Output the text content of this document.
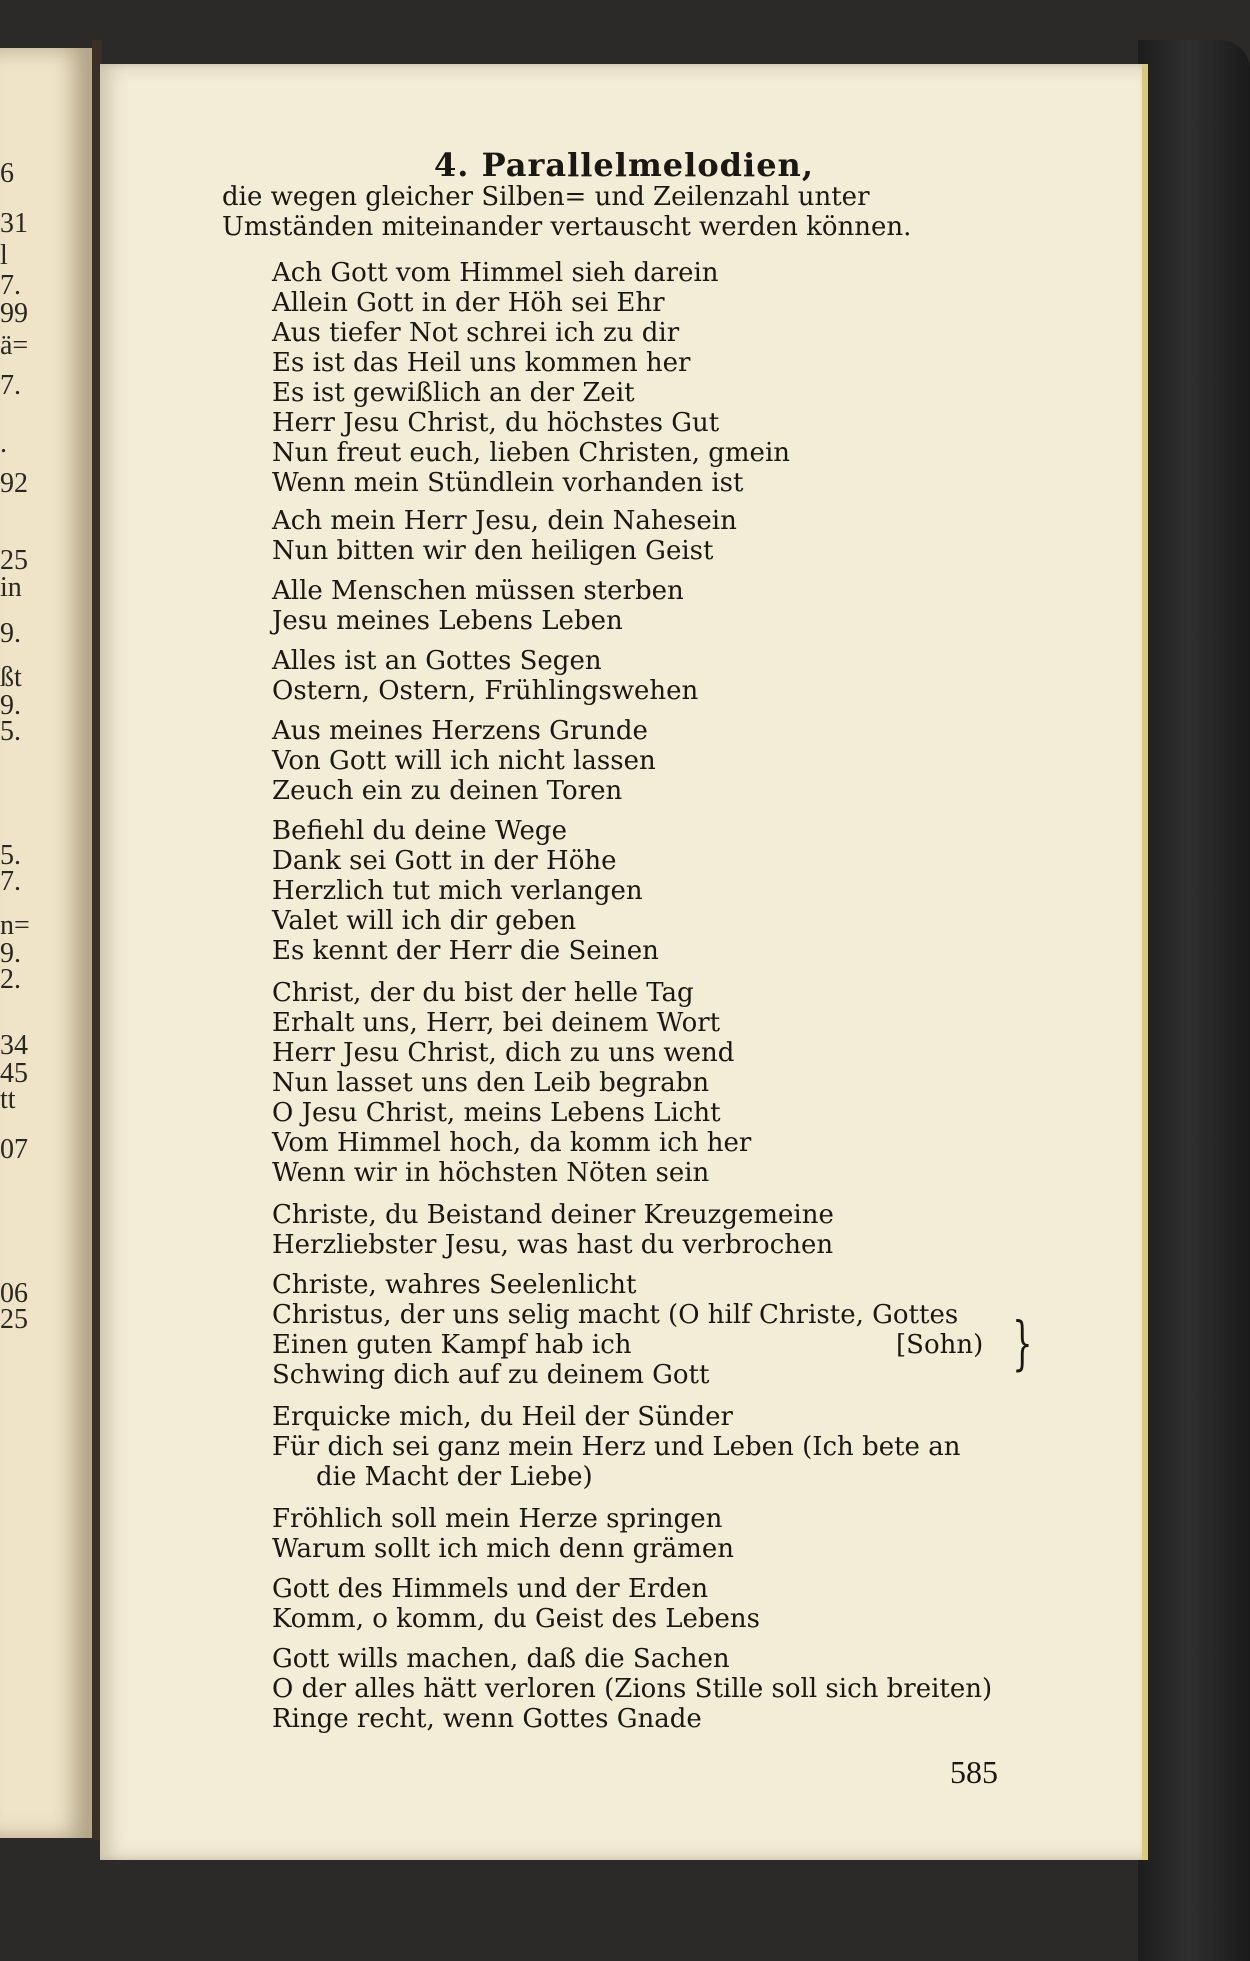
6
31
l
7.
99
ä=
7.
.
92
25
in
9.
ßt
9.
5.
5.
7.
n=
9.
2.
34
45
tt
07
06
25
4. Parallelmelodien,
die wegen gleicher Silben= und Zeilenzahl unter
Umständen miteinander vertauscht werden können.
Ach Gott vom Himmel sieh darein
Allein Gott in der Höh sei Ehr
Aus tiefer Not schrei ich zu dir
Es ist das Heil uns kommen her
Es ist gewißlich an der Zeit
Herr Jesu Christ, du höchstes Gut
Nun freut euch, lieben Christen, gmein
Wenn mein Stündlein vorhanden ist
Ach mein Herr Jesu, dein Nahesein
Nun bitten wir den heiligen Geist
Alle Menschen müssen sterben
Jesu meines Lebens Leben
Alles ist an Gottes Segen
Ostern, Ostern, Frühlingswehen
Aus meines Herzens Grunde
Von Gott will ich nicht lassen
Zeuch ein zu deinen Toren
Befiehl du deine Wege
Dank sei Gott in der Höhe
Herzlich tut mich verlangen
Valet will ich dir geben
Es kennt der Herr die Seinen
Christ, der du bist der helle Tag
Erhalt uns, Herr, bei deinem Wort
Herr Jesu Christ, dich zu uns wend
Nun lasset uns den Leib begrabn
O Jesu Christ, meins Lebens Licht
Vom Himmel hoch, da komm ich her
Wenn wir in höchsten Nöten sein
Christe, du Beistand deiner Kreuzgemeine
Herzliebster Jesu, was hast du verbrochen
Christe, wahres Seelenlicht
Christus, der uns selig macht (O hilf Christe, Gottes
Einen guten Kampf hab ich	[Sohn) }
Schwing dich auf zu deinem Gott
Erquicke mich, du Heil der Sünder
Für dich sei ganz mein Herz und Leben (Ich bete an
die Macht der Liebe)
Fröhlich soll mein Herze springen
Warum sollt ich mich denn grämen
Gott des Himmels und der Erden
Komm, o komm, du Geist des Lebens
Gott wills machen, daß die Sachen
O der alles hätt verloren (Zions Stille soll sich breiten)
Ringe recht, wenn Gottes Gnade
585
